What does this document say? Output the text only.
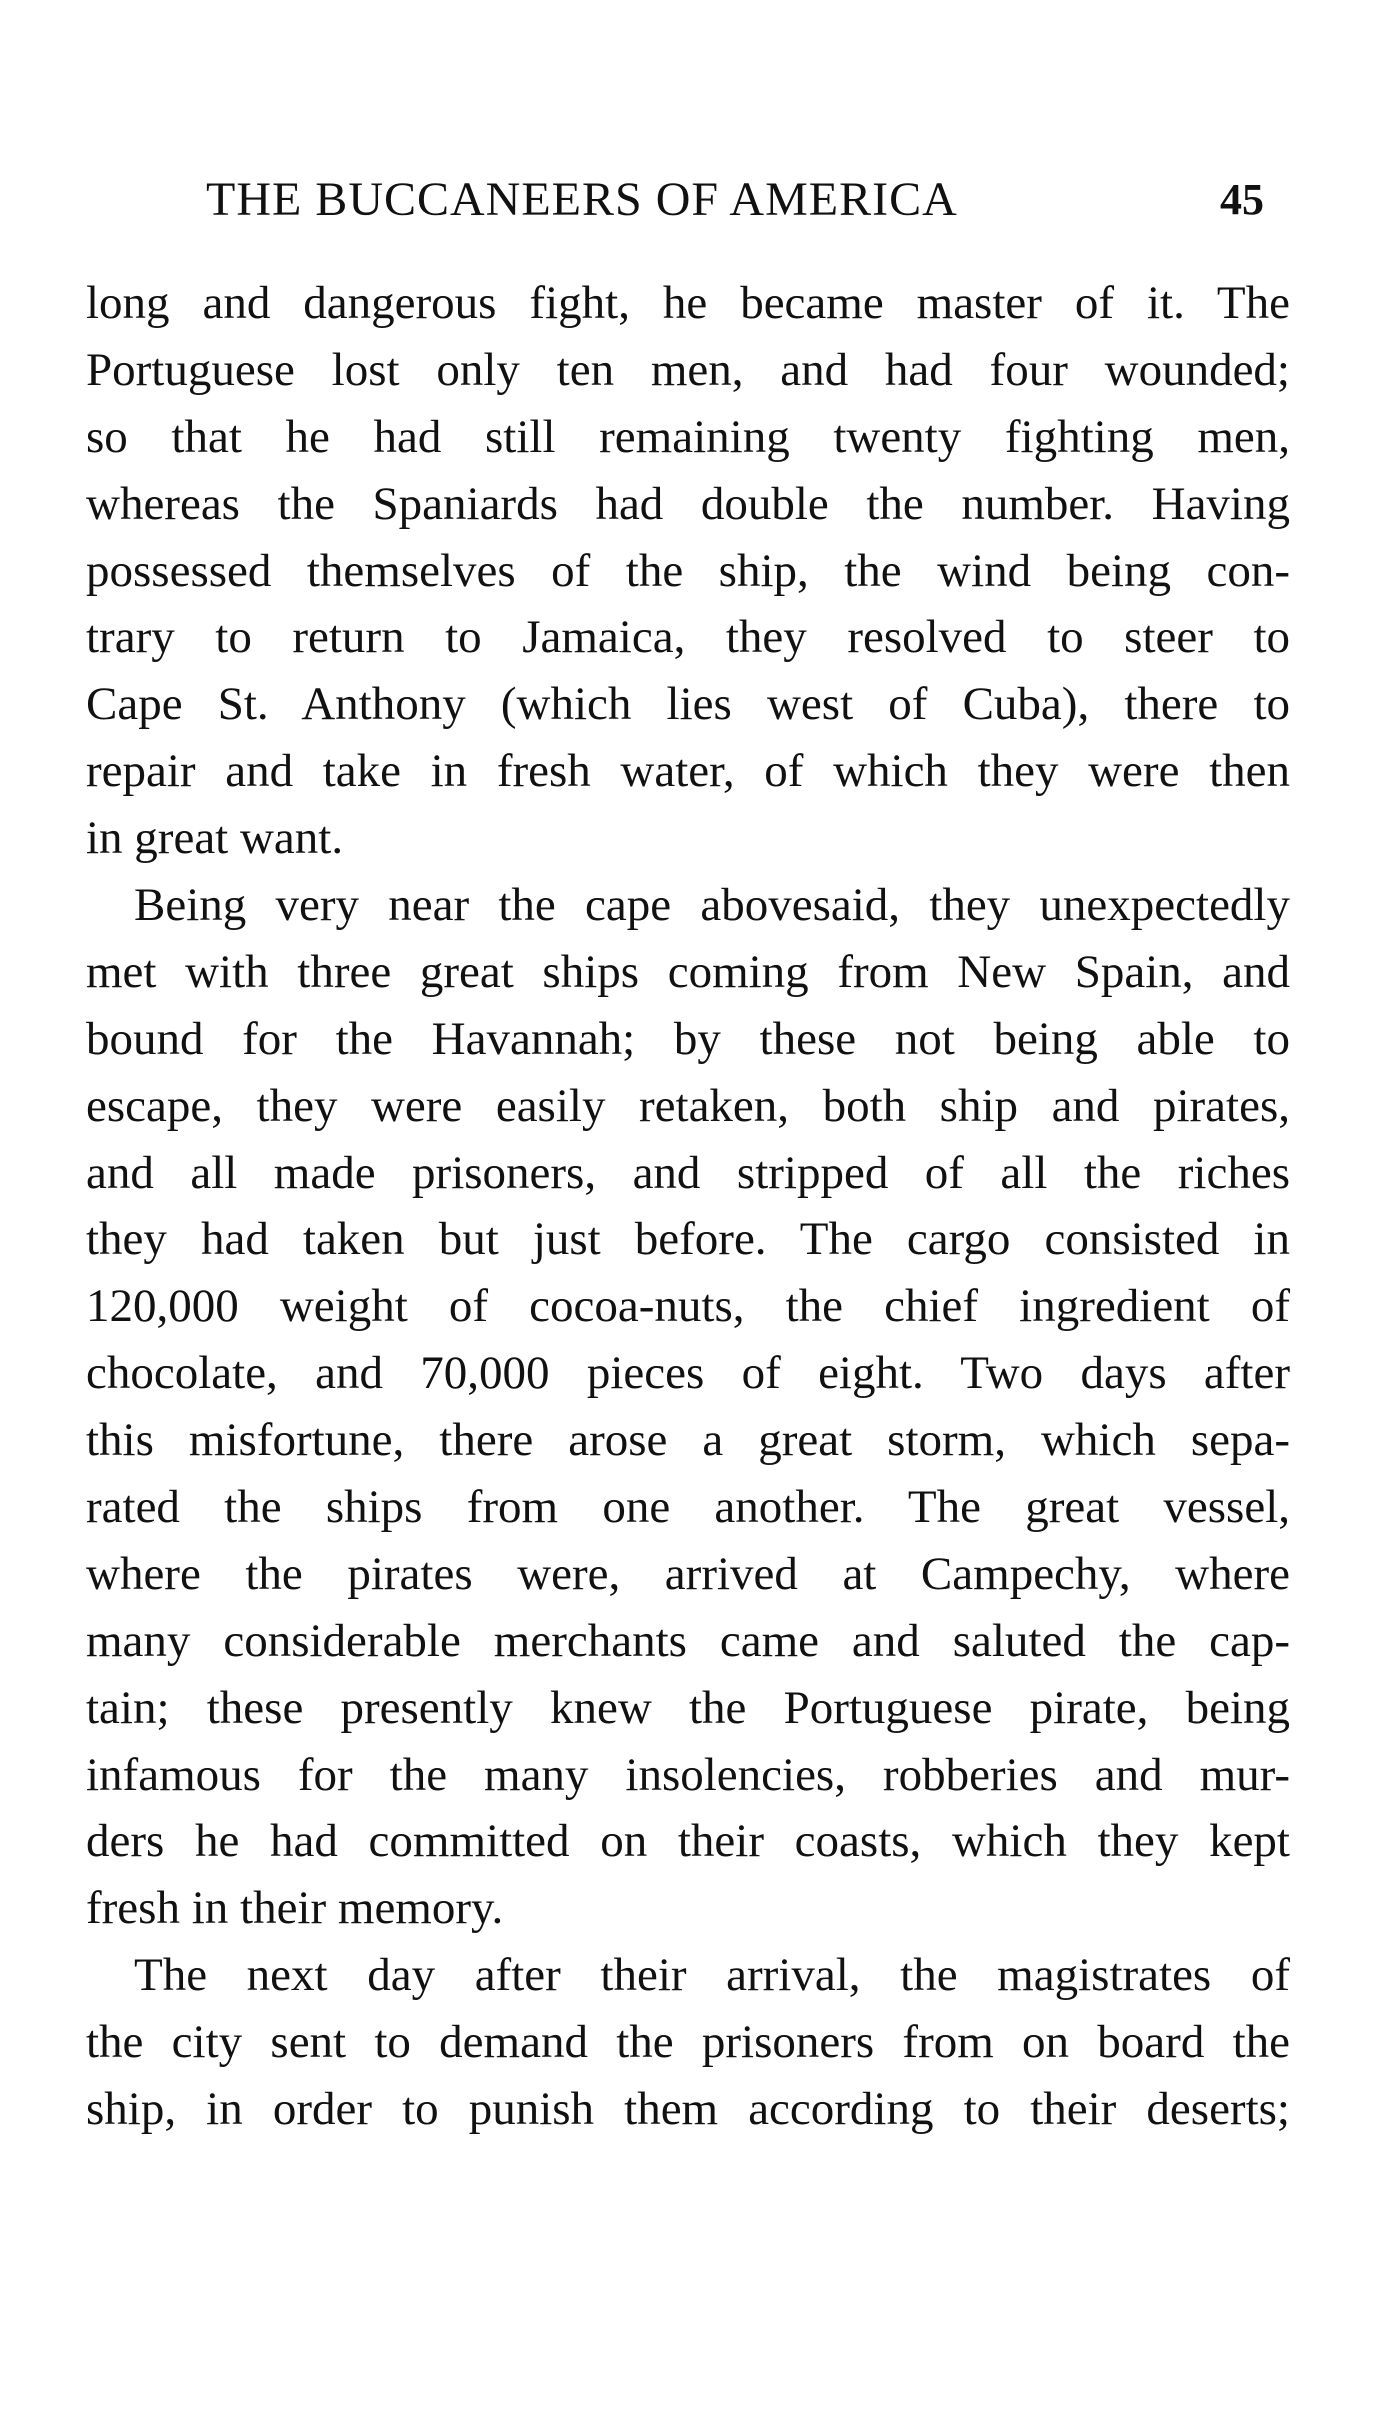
THE BUCCANEERS OF AMERICA	45

long and dangerous fight, he became master of it. The
Portuguese lost only ten men, and had four wounded;
so that he had still remaining twenty fighting men,
whereas the Spaniards had double the number. Having
possessed themselves of the ship, the wind being con-
trary to return to Jamaica, they resolved to steer to
Cape St. Anthony (which lies west of Cuba), there to
repair and take in fresh water, of which they were then
in great want.

Being very near the cape abovesaid, they unexpectedly
met with three great ships coming from New Spain, and
bound for the Havannah; by these not being able to
escape, they were easily retaken, both ship and pirates,
and all made prisoners, and stripped of all the riches
they had taken but just before. The cargo consisted in
120,000 weight of cocoa-nuts, the chief ingredient of
chocolate, and 70,000 pieces of eight. Two days after
this misfortune, there arose a great storm, which sepa-
rated the ships from one another. The great vessel,
where the pirates were, arrived at Campechy, where
many considerable merchants came and saluted the cap-
tain; these presently knew the Portuguese pirate, being
infamous for the many insolencies, robberies and mur-
ders he had committed on their coasts, which they kept
fresh in their memory.

The next day after their arrival, the magistrates of
the city sent to demand the prisoners from on board the
ship, in order to punish them according to their deserts;
